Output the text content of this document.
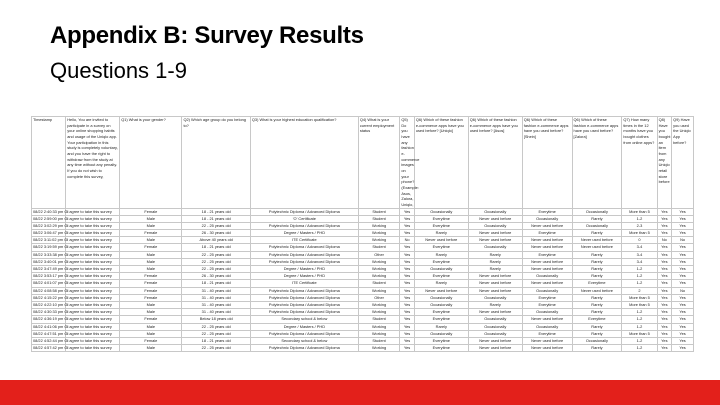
Appendix B: Survey Results
Questions 1-9
Timestamp	Hello, You are invited to participate in a survey on your online shopping habits and usage of the Uniqlo app. Your participation in this study is completely voluntary, and you have the right to withdraw from the study at any time without any penalty. If you do not wish to complete this survey,	Q1) What is your gender?	Q2) Which age group do you belong to?	Q3) What is your highest education qualification?	Q4) What is your current employment status	Q5) Do you have any fashion e-commerce images on your phone? (Example: Asos, Zalora, Uniqlo,	Q6) Which of these fashion e-commerce apps have you used before? [Uniqlo]	Q6) Which of these fashion e-commerce apps have you used before? [Asos]	Q6) Which of these fashion e-commerce apps have you used before? [Shein]	Q6) Which of these fashion e-commerce apps have you used before? [Zalora]	Q7) How many times in the 12 months have you bought clothes from online apps?	Q8) Have you bought an item from any Uniqlo retail store before	Q9) Have you used the Uniqlo App before?
08/22 2:40:33 pm GI	I agree to take this survey	Female	18 - 21 years old	Polytechnic Diploma / Advanced Diploma	Student	Yes	Occasionally	Occasionally	Everytime	Occasionally	More than 5	Yes	Yes
08/22 2:59:00 pm GI	I agree to take this survey	Male	18 - 21 years old	'O' Certificate	Student	Yes	Everytime	Never used before	Occasionally	Rarely	1-2	Yes	Yes
08/22 3:02:29 pm GI	I agree to take this survey	Male	22 - 25 years old	Polytechnic Diploma / Advanced Diploma	Working	Yes	Everytime	Occasionally	Never used before	Occasionally	2-3	Yes	Yes
08/22 3:06:47 pm GI	I agree to take this survey	Female	26 - 30 years old	Degree / Masters / PHD	Working	Yes	Rarely	Never used before	Everytime	Rarely	More than 5	Yes	Yes
08/22 3:11:02 pm GI	I agree to take this survey	Male	Above 40 years old	ITE Certificate	Working	No	Never used before	Never used before	Never used before	Never used before	0	No	No
08/22 3:19:59 pm GI	I agree to take this survey	Female	18 - 21 years old	Polytechnic Diploma / Advanced Diploma	Student	Yes	Everytime	Occasionally	Never used before	Never used before	3-4	Yes	Yes
08/22 3:33:38 pm GI	I agree to take this survey	Male	22 - 25 years old	Polytechnic Diploma / Advanced Diploma	Other	Yes	Rarely	Rarely	Everytime	Rarely	3-4	Yes	Yes
08/22 3:40:01 pm GI	I agree to take this survey	Male	22 - 25 years old	Polytechnic Diploma / Advanced Diploma	Working	Yes	Everytime	Rarely	Never used before	Rarely	3-4	Yes	Yes
08/22 3:47:49 pm GI	I agree to take this survey	Male	22 - 25 years old	Degree / Masters / PHD	Working	Yes	Occasionally	Rarely	Never used before	Rarely	1-2	Yes	Yes
08/22 3:53:17 pm GI	I agree to take this survey	Female	26 - 30 years old	Degree / Masters / PHD	Working	Yes	Everytime	Never used before	Occasionally	Rarely	1-2	Yes	Yes
08/22 4:01:07 pm GI	I agree to take this survey	Female	18 - 21 years old	ITE Certificate	Student	Yes	Rarely	Never used before	Never used before	Everytime	1-2	Yes	Yes
08/22 4:08:58 pm GI	I agree to take this survey	Female	31 - 40 years old	Polytechnic Diploma / Advanced Diploma	Working	Yes	Never used before	Never used before	Occasionally	Never used before	2	Yes	No
08/22 4:15:22 pm GI	I agree to take this survey	Female	31 - 40 years old	Polytechnic Diploma / Advanced Diploma	Other	Yes	Occasionally	Occasionally	Everytime	Rarely	More than 5	Yes	Yes
08/22 4:22:10 pm GI	I agree to take this survey	Male	31 - 40 years old	Polytechnic Diploma / Advanced Diploma	Working	Yes	Occasionally	Rarely	Everytime	Rarely	More than 5	Yes	Yes
08/22 4:30:33 pm GI	I agree to take this survey	Male	31 - 40 years old	Polytechnic Diploma / Advanced Diploma	Working	Yes	Everytime	Never used before	Occasionally	Rarely	1-2	Yes	Yes
08/22 4:36:19 pm GI	I agree to take this survey	Female	Below 18 years old	Secondary school & below	Student	Yes	Everytime	Occasionally	Never used before	Everytime	1-2	Yes	Yes
08/22 4:41:06 pm GI	I agree to take this survey	Male	22 - 25 years old	Degree / Masters / PHD	Working	Yes	Rarely	Occasionally	Occasionally	Rarely	1-2	Yes	Yes
08/22 4:47:51 pm GI	I agree to take this survey	Male	22 - 25 years old	Polytechnic Diploma / Advanced Diploma	Working	Yes	Occasionally	Occasionally	Everytime	Rarely	More than 5	Yes	Yes
08/22 4:52:44 pm GI	I agree to take this survey	Female	18 - 21 years old	Secondary school & below	Student	Yes	Everytime	Never used before	Never used before	Occasionally	1-2	Yes	Yes
08/22 4:57:42 pm GI	I agree to take this survey	Male	22 - 25 years old	Polytechnic Diploma / Advanced Diploma	Working	Yes	Everytime	Never used before	Never used before	Rarely	1-2	Yes	Yes
